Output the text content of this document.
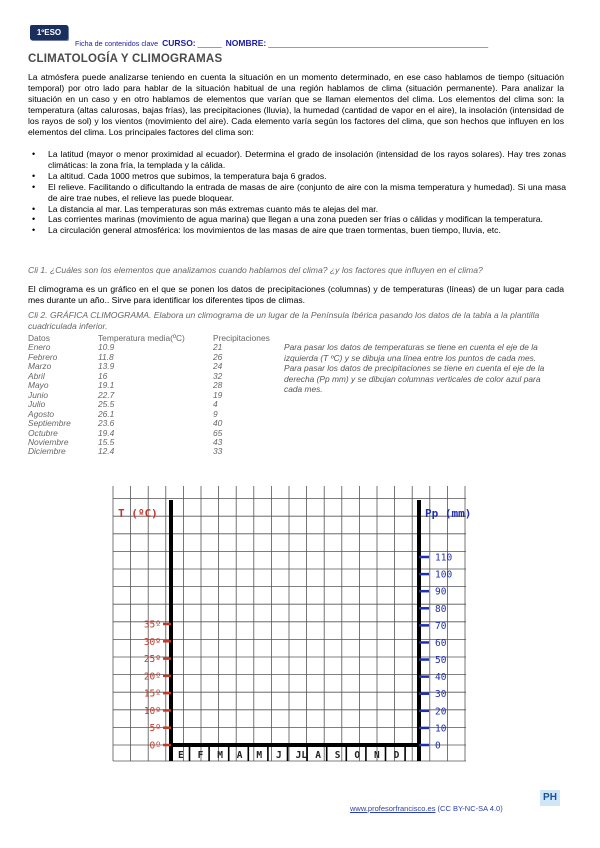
1ºESO
Ficha de contenidos clave CURSO: ______ NOMBRE: _______________________________________________________
CLIMATOLOGÍA Y CLIMOGRAMAS
La atmósfera puede analizarse teniendo en cuenta la situación en un momento determinado, en ese caso hablamos de tiempo (situación temporal) por otro lado para hablar de la situación habitual de una región hablamos de clima (situación permanente). Para analizar la situación en un caso y en otro hablamos de elementos que varían que se llaman elementos del clima. Los elementos del clima son: la temperatura (altas calurosas, bajas frías), las precipitaciones (lluvia), la humedad (cantidad de vapor en el aire), la insolación (intensidad de los rayos de sol) y los vientos (movimiento del aire). Cada elemento varía según los factores del clima, que son hechos que influyen en los elementos del clima. Los principales factores del clima son:
• La latitud (mayor o menor proximidad al ecuador). Determina el grado de insolación (intensidad de los rayos solares). Hay tres zonas climáticas: la zona fría, la templada y la cálida.
• La altitud. Cada 1000 metros que subimos, la temperatura baja 6 grados.
• El relieve. Facilitando o dificultando la entrada de masas de aire (conjunto de aire con la misma temperatura y humedad). Si una masa de aire trae nubes, el relieve las puede bloquear.
• La distancia al mar. Las temperaturas son más extremas cuanto más te alejas del mar.
• Las corrientes marinas (movimiento de agua marina) que llegan a una zona pueden ser frías o cálidas y modifican la temperatura.
• La circulación general atmosférica: los movimientos de las masas de aire que traen tormentas, buen tiempo, lluvia, etc.
Cli 1. ¿Cuáles son los elementos que analizamos cuando hablamos del clima? ¿y los factores que influyen en el clima?
El climograma es un gráfico en el que se ponen los datos de precipitaciones (columnas) y de temperaturas (líneas) de un lugar para cada mes durante un año.. Sirve para identificar los diferentes tipos de climas.
Cli 2. GRÁFICA CLIMOGRAMA. Elabora un climograma de un lugar de la Península Ibérica pasando los datos de la tabla a la plantilla cuadriculada inferior.
Datos	Temperatura media(ºC)	Precipitaciones
Enero	10.9	21
Febrero	11.8	26
Marzo	13.9	24
Abril	16	32
Mayo	19.1	28
Junio	22.7	19
Julio	25.5	4
Agosto	26.1	9
Septiembre	23.6	40
Octubre	19.4	65
Noviembre	15.5	43
Diciembre	12.4	33
Para pasar los datos de temperaturas se tiene en cuenta el eje de la izquierda (T ºC) y se dibuja una línea entre los puntos de cada mes. Para pasar los datos de precipitaciones se tiene en cuenta el eje de la derecha (Pp mm) y se dibujan columnas verticales de color azul para cada mes.
T (ºC)	Pp (mm)
0º
5º
10º
15º
20º
25º
30º
35º
0
10
20
30
40
50
60
70
80
90
100
110
E F M A M J JL A S O N D
www.profesorfrancisco.es (CC BY-NC-SA 4.0)
PH
